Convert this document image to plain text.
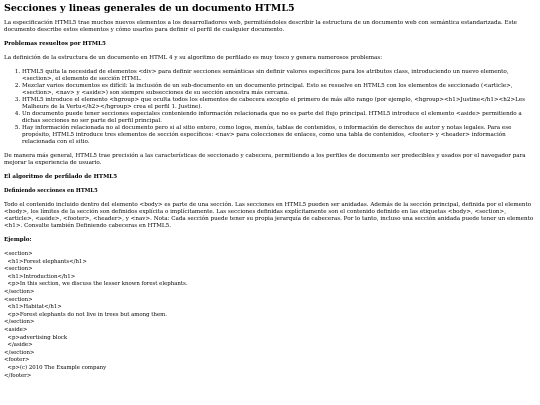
Secciones y lineas generales de un documento HTML5

La especificación HTML5 trae muchos nuevos elementos a los desarrolladores web, permitiéndoles describir la estructura de un documento web con semántica estandarizada. Este documento describe estos elementos y cómo usarlos para definir el perfil de cualquier documento.

Problemas resueltos por HTML5

La definición de la estructura de un documento en HTML 4 y su algoritmo de perfilado es muy tosco y genera numerosos problemas:

1. HTML5 quita la necesidad de elementos <div> para definir secciones semánticas sin definir valores específicos para los atributos class, introduciendo un nuevo elemento, <section>, el elemento de sección HTML.
2. Mezclar varios documentos es difícil: la inclusión de un sub-documento en un documento principal. Esto se resuelve en HTML5 con los elementos de seccionado (<article>, <section>, <nav> y <aside>) son siempre subsecciones de su sección ancestra más cercana.
3. HTML5 introduce el elemento <hgroup> que oculta todos los elementos de cabecera excepto el primero de más alto rango (por ejemplo, <hgroup><h1>Justine</h1><h2>Les Malheurs de la Vertu</h2></hgroup> crea el perfil 1. Justine).
4. Un documento puede tener secciones especiales conteniendo información relacionada que no es parte del flujo principal. HTML5 introduce el elemento <aside> permitiendo a dichas secciones no ser parte del perfil principal.
5. Hay información relacionada no al documento pero si al sitio entero, como logos, menús, tablas de contenidos, o información de derechos de autor y notas legales. Para ese propósito, HTML5 introduce tres elementos de sección específicos: <nav> para colecciones de enlaces, como una tabla de contenidos, <footer> y <header> información relacionada con el sitio.

De manera más general, HTML5 trae precisión a las características de seccionado y cabecera, permitiendo a los perfiles de documento ser predecibles y usados por el navegador para mejorar la experiencia de usuario.

El algoritmo de perfilado de HTML5
Definiendo secciones en HTML5

Todo el contenido incluido dentro del elemento <body> es parte de una sección. Las secciones en HTML5 pueden ser anidadas. Además de la sección principal, definida por el elemento <body>, los límites de la sección son definidos explícita o implícitamente. Las secciones definidas explícitamente son el contenido definido en las etiquetas <body>, <section>, <article>, <aside>, <footer>, <header>, y <nav>. Nota: Cada sección puede tener su propia jerarquía de cabeceras. Por lo tanto, incluso una sección anidada puede tener un elemento <h1>. Consulte también Definiendo cabeceras en HTML5.

Ejemplo:
<section>
<h1>Forest elephants</h1>
<section>
<h1>Introduction</h1>
<p>In this section, we discuss the lesser known forest elephants.
</section>
<section>
<h1>Habitat</h1>
<p>Forest elephants do not live in trees but among them.
</section>
<aside>
<p>advertising block
</aside>
</section>
<footer>
<p>(c) 2010 The Example company
</footer>
